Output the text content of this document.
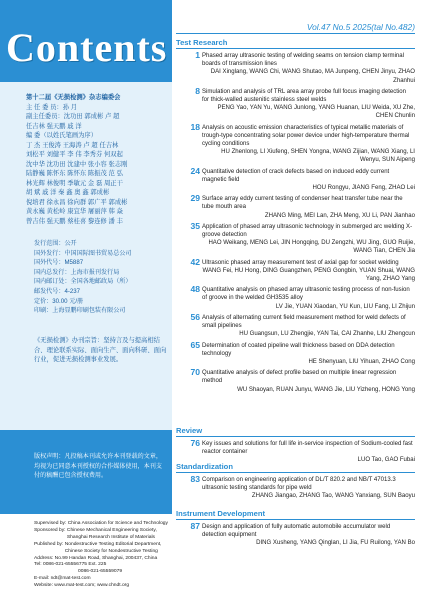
Contents
第十二届《无损检测》杂志编委会
主 任 委 员：孙 月
副主任委员：沈功田 郭成彬 卢 超
任吉林 强天鹏 戚 洋
编 委（以姓氏笔画为序）
丁 杰 王俊涛 王海涛 卢 超 任吉林
刘松平 刘健平 李 伟 李秀芬 何双起
沈中华 沈功田 沈建中 张小容 张志刚
陆静巍 陈怀东 陈怀东 陈振茂 范 弘
林光辉 林俊明 季敏元 金 磊 周正干
胡 斌 戚 洋 秦 鑫 奥 鑫 郭成彬
倪培君 徐永昌 徐向群 郭广平 郭成彬
黄永巍 黄松岭 康宜华 屠丽萍 韩 焱
曾吉伟 强天鹏 蔡桂喜 黎连修 潘 丰
发行范围：公开
国外发行：中国国际图书贸易总公司
国外代号：M5887
国内总发行：上海市报刊发行局
国内邮订处：全国各地邮政局（所）
邮发代号：4-237
定价：30.00 元/册
印刷：上海显鹏印刷包装有限公司
《无损检测》办刊宗旨：坚持言及与提高相结合、理论联系实际、面向生产、面向科研、面向行业，促进无损检测事业发展。
版权声明：凡投稿本刊或允许本刊登载的文章，均视为已同意本刊授权的合作媒体使用，本刊支付的稿酬已包含授权费用。
Supervised by:
China Association for Science and Technology
Sponsored by:
Chinese Mechanical Engineering Society, Shanghai Research Institute of Materials
Published by:
Nondestructive Testing Editorial Department, Chinese Society for Nondestructive Testing
Address:
No.99 Handan Road, Shanghai, 200437, China
Tel: 0086-021-65556775 Ext. 225
0086-021-65559079
E-mail: ndt@mat-test.com
Website: www.mat-test.com; www.chndt.org
Vol.47 No.5 2025(tal No.482)
Test Research
1 Phased array ultrasonic testing of welding seams on tension clamp terminal boards of transmission lines
DAI Xinglang, WANG Chi, WANG Shutao, MA Junpeng, CHEN Jinyu, ZHAO Zhanhui
8 Simulation and analysis of TRL area array probe full focus imaging detection for thick-walled austenitic stainless steel welds
PENG Yao, YAN Yu, WANG Junlong, YANG Huanan, LIU Weida, XU Zhe, CHEN Chunlin
18 Analysis on acoustic emission characteristics of typical metallic materials of trough-type concentrating solar power device under high-temperature thermal cycling conditions
HU Zhenlong, LI Xiufeng, SHEN Yongna, WANG Zijian, WANG Xiang, LI Wenyu, SUN Aipeng
24 Quantitative detection of crack defects based on induced eddy current magnetic field
HOU Rongyu, JIANG Feng, ZHAO Lei
29 Surface array eddy current testing of condenser heat transfer tube near the tube mouth area
ZHANG Ming, MEI Lan, ZHA Meng, XU Li, PAN Jianhao
35 Application of phased array ultrasonic technology in submerged arc welding X-groove detection
HAO Weikang, MENG Lei, JIN Hongqing, DU Zengzhi, WU Jing, GUO Ruijie, WANG Tian, CHEN Jia
42 Ultrasonic phased array measurement test of axial gap for socket welding
WANG Fei, HU Hong, DING Guangzhen, PENG Gongbin, YUAN Shuai, WANG Yang, ZHAO Yang
48 Quantitative analysis on phased array ultrasonic testing process of non-fusion of groove in the welded GH3535 alloy
LV Jie, YUAN Xiaodan, YU Kun, LIU Fang, LI Zhijun
56 Analysis of alternating current field measurement method for weld defects of small pipelines
HU Guangsun, LU Zhengjie, YAN Tai, CAI Zhanhe, LIU Zhengcun
65 Determination of coated pipeline wall thickness based on DDA detection technology
HE Shenyuan, LIU Yihuan, ZHAO Cong
70 Quantitative analysis of defect profile based on multiple linear regression method
WU Shaoyan, RUAN Junyu, WANG Jie, LIU Yizheng, HONG Yong
Review
76 Key issues and solutions for full life in-service inspection of Sodium-cooled fast reactor container
LUO Tao, GAO Fubai
Standardization
83 Comparison on engineering application of DL/T 820.2 and NB/T 47013.3 ultrasonic testing standards for pipe weld
ZHANG Jiangao, ZHANG Tao, WANG Yanxiang, SUN Baoyu
Instrument Development
87 Design and application of fully automatic automobile accumulator weld detection equipment
DING Xusheng, YANG Qinglan, LI Jia, FU Ruilong, YAN Bo
